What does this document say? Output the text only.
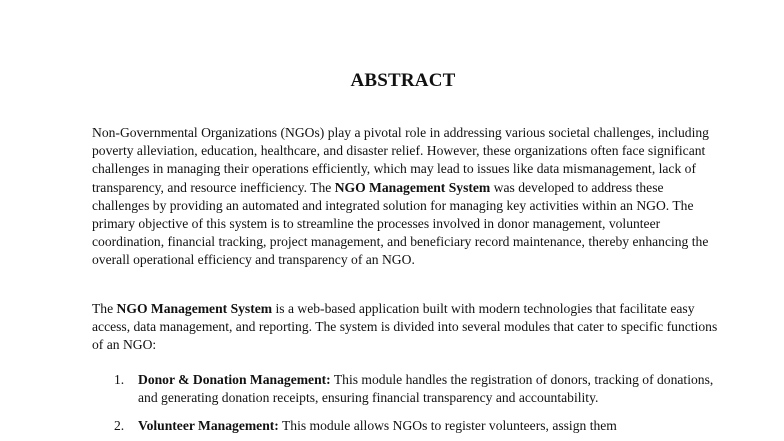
ABSTRACT

Non-Governmental Organizations (NGOs) play a pivotal role in addressing various societal challenges, including poverty alleviation, education, healthcare, and disaster relief. However, these organizations often face significant challenges in managing their operations efficiently, which may lead to issues like data mismanagement, lack of transparency, and resource inefficiency. The NGO Management System was developed to address these challenges by providing an automated and integrated solution for managing key activities within an NGO. The primary objective of this system is to streamline the processes involved in donor management, volunteer coordination, financial tracking, project management, and beneficiary record maintenance, thereby enhancing the overall operational efficiency and transparency of an NGO.

The NGO Management System is a web-based application built with modern technologies that facilitate easy access, data management, and reporting. The system is divided into several modules that cater to specific functions of an NGO:

1. Donor & Donation Management: This module handles the registration of donors, tracking of donations, and generating donation receipts, ensuring financial transparency and accountability.
2. Volunteer Management: This module allows NGOs to register volunteers, assign them
